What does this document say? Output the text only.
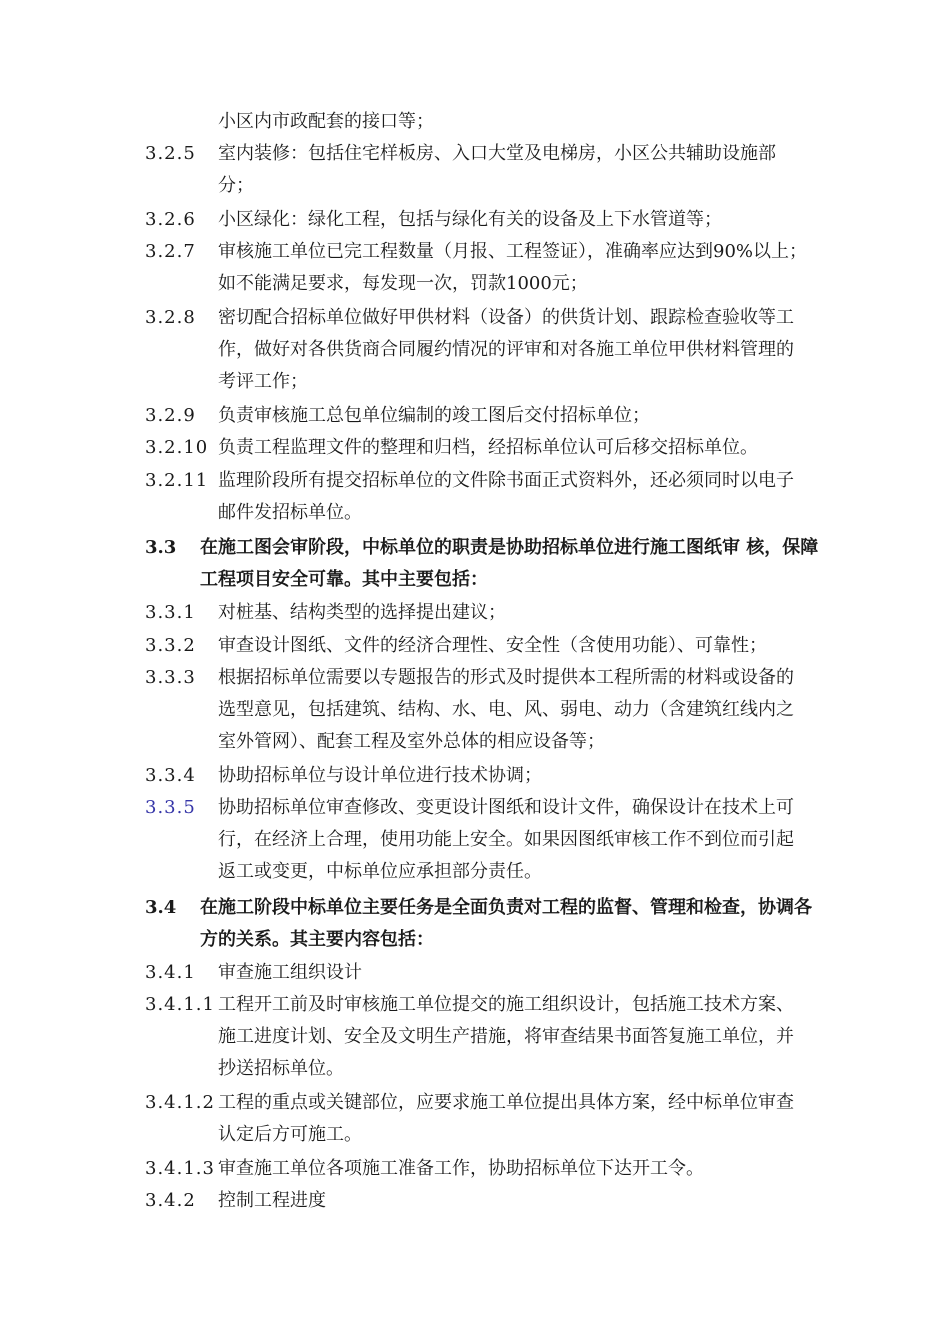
小区内市政配套的接口等；
3.2.5 室内装修：包括住宅样板房、入口大堂及电梯房，小区公共辅助设施部分；
3.2.6 小区绿化：绿化工程，包括与绿化有关的设备及上下水管道等；
3.2.7 审核施工单位已完工程数量（月报、工程签证），准确率应达到90%以上；如不能满足要求，每发现一次，罚款1000元；
3.2.8 密切配合招标单位做好甲供材料（设备）的供货计划、跟踪检查验收等工作，做好对各供货商合同履约情况的评审和对各施工单位甲供材料管理的考评工作；
3.2.9 负责审核施工总包单位编制的竣工图后交付招标单位；
3.2.10 负责工程监理文件的整理和归档，经招标单位认可后移交招标单位。
3.2.11 监理阶段所有提交招标单位的文件除书面正式资料外，还必须同时以电子邮件发招标单位。
3.3 在施工图会审阶段，中标单位的职责是协助招标单位进行施工图纸审 核，保障工程项目安全可靠。其中主要包括：
3.3.1 对桩基、结构类型的选择提出建议；
3.3.2 审查设计图纸、文件的经济合理性、安全性（含使用功能）、可靠性；
3.3.3 根据招标单位需要以专题报告的形式及时提供本工程所需的材料或设备的选型意见，包括建筑、结构、水、电、风、弱电、动力（含建筑红线内之室外管网）、配套工程及室外总体的相应设备等；
3.3.4 协助招标单位与设计单位进行技术协调；
3.3.5 协助招标单位审查修改、变更设计图纸和设计文件，确保设计在技术上可行，在经济上合理，使用功能上安全。如果因图纸审核工作不到位而引起返工或变更，中标单位应承担部分责任。
3.4 在施工阶段中标单位主要任务是全面负责对工程的监督、管理和检查，协调各方的关系。其主要内容包括：
3.4.1 审查施工组织设计
3.4.1.1 工程开工前及时审核施工单位提交的施工组织设计，包括施工技术方案、施工进度计划、安全及文明生产措施，将审查结果书面答复施工单位，并抄送招标单位。
3.4.1.2 工程的重点或关键部位，应要求施工单位提出具体方案，经中标单位审查认定后方可施工。
3.4.1.3 审查施工单位各项施工准备工作，协助招标单位下达开工令。
3.4.2 控制工程进度
